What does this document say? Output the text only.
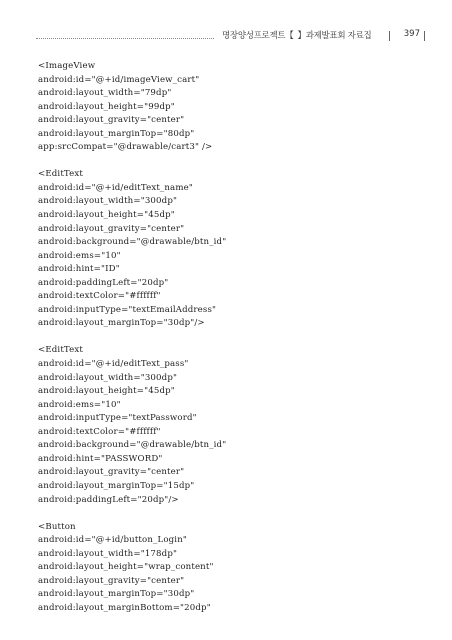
명장양성프로젝트【 】과제발표회 자료집	397
<ImageView
android:id="@+id/imageView_cart"
android:layout_width="79dp"
android:layout_height="99dp"
android:layout_gravity="center"
android:layout_marginTop="80dp"
app:srcCompat="@drawable/cart3" />
<EditText
android:id="@+id/editText_name"
android:layout_width="300dp"
android:layout_height="45dp"
android:layout_gravity="center"
android:background="@drawable/btn_id"
android:ems="10"
android:hint="ID"
android:paddingLeft="20dp"
android:textColor="#ffffff"
android:inputType="textEmailAddress"
android:layout_marginTop="30dp"/>
<EditText
android:id="@+id/editText_pass"
android:layout_width="300dp"
android:layout_height="45dp"
android:ems="10"
android:inputType="textPassword"
android:textColor="#ffffff"
android:background="@drawable/btn_id"
android:hint="PASSWORD"
android:layout_gravity="center"
android:layout_marginTop="15dp"
android:paddingLeft="20dp"/>
<Button
android:id="@+id/button_Login"
android:layout_width="178dp"
android:layout_height="wrap_content"
android:layout_gravity="center"
android:layout_marginTop="30dp"
android:layout_marginBottom="20dp"
